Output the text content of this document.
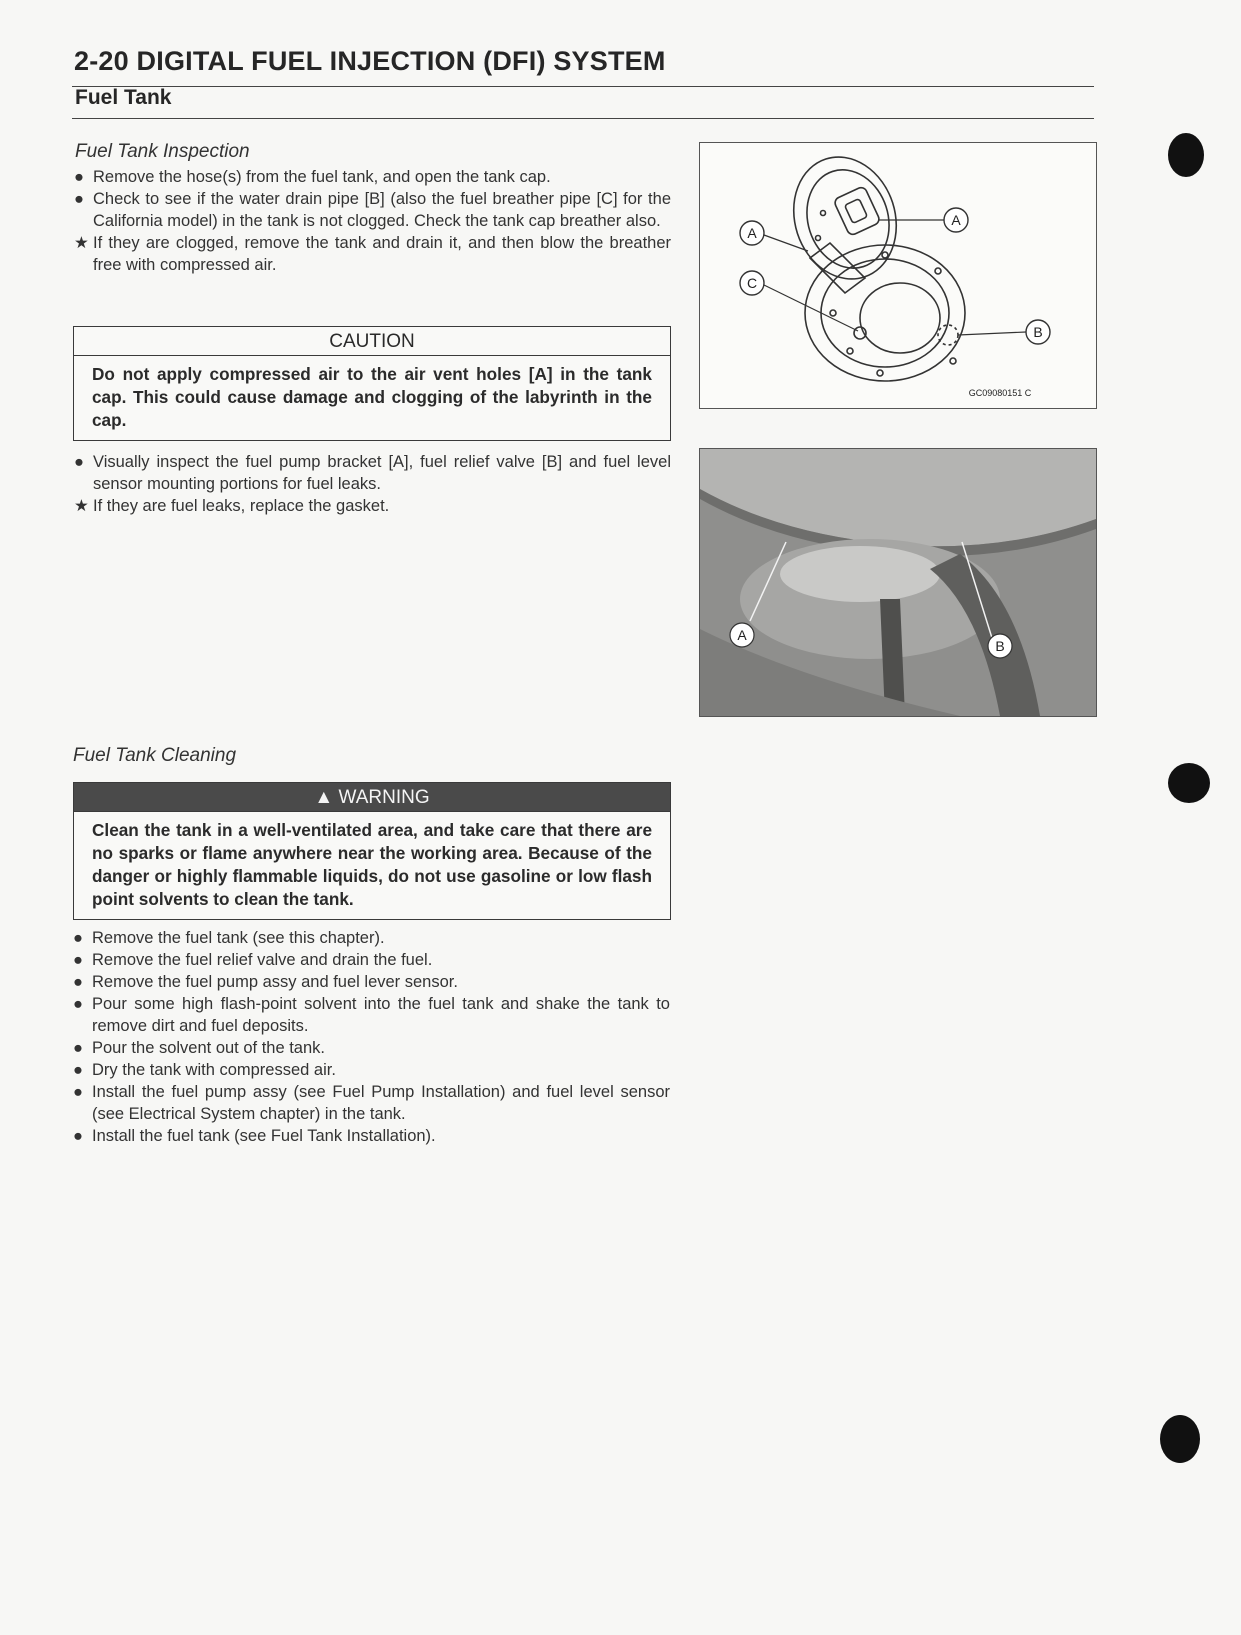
2-20 DIGITAL FUEL INJECTION (DFI) SYSTEM
Fuel Tank
Fuel Tank Inspection
● Remove the hose(s) from the fuel tank, and open the tank cap.
● Check to see if the water drain pipe [B] (also the fuel breather pipe [C] for the California model) in the tank is not clogged. Check the tank cap breather also.
★ If they are clogged, remove the tank and drain it, and then blow the breather free with compressed air.
CAUTION
Do not apply compressed air to the air vent holes [A] in the tank cap. This could cause damage and clogging of the labyrinth in the cap.
● Visually inspect the fuel pump bracket [A], fuel relief valve [B] and fuel level sensor mounting portions for fuel leaks.
★ If they are fuel leaks, replace the gasket.
A
A
C
B
GC09080151 C
A
B
Fuel Tank Cleaning
▲ WARNING
Clean the tank in a well-ventilated area, and take care that there are no sparks or flame anywhere near the working area. Because of the danger or highly flammable liquids, do not use gasoline or low flash point solvents to clean the tank.
● Remove the fuel tank (see this chapter).
● Remove the fuel relief valve and drain the fuel.
● Remove the fuel pump assy and fuel lever sensor.
● Pour some high flash-point solvent into the fuel tank and shake the tank to remove dirt and fuel deposits.
● Pour the solvent out of the tank.
● Dry the tank with compressed air.
● Install the fuel pump assy (see Fuel Pump Installation) and fuel level sensor (see Electrical System chapter) in the tank.
● Install the fuel tank (see Fuel Tank Installation).
